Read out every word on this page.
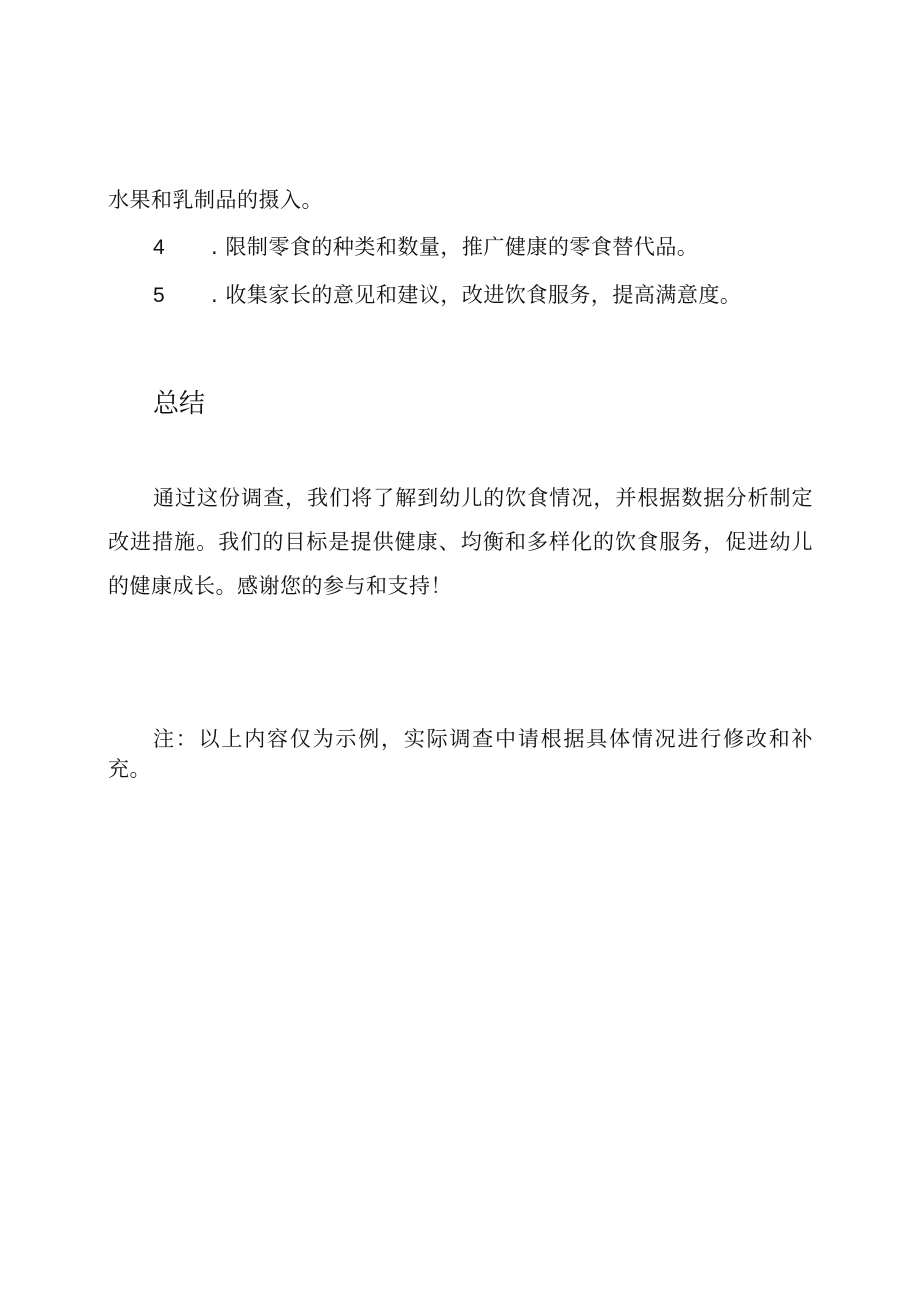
水果和乳制品的摄入。
4 . 限制零食的种类和数量，推广健康的零食替代品。
5 . 收集家长的意见和建议，改进饮食服务，提高满意度。
总结

通过这份调查，我们将了解到幼儿的饮食情况，并根据数据分析制定改进措施。我们的目标是提供健康、均衡和多样化的饮食服务，促进幼儿的健康成长。感谢您的参与和支持！

注：以上内容仅为示例，实际调查中请根据具体情况进行修改和补充。
